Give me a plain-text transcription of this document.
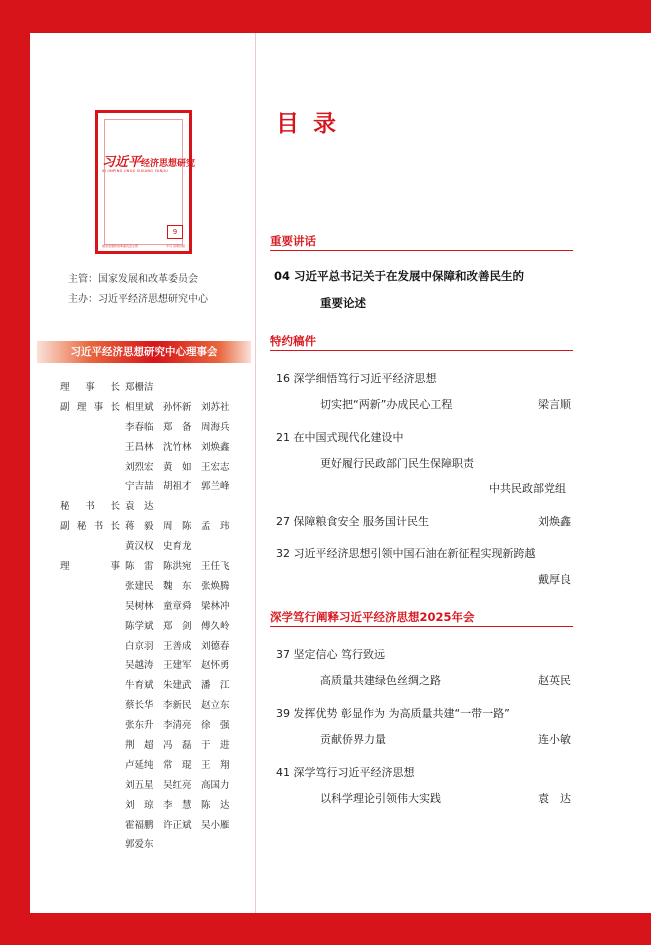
习近平经济思想研究
XI JINPING JINGJI SIXIANG YANJIU
9
国家发展和改革委员会主管	半月 双周出版
主管：国家发展和改革委员会
主办：习近平经济思想研究中心
习近平经济思想研究中心理事会
理 事 长 郑栅洁
副 理 事 长 相里斌 孙怀新 刘苏社
李春临 郑　备 周海兵
王昌林 沈竹林 刘焕鑫
刘烈宏 黄　如 王宏志
宁吉喆 胡祖才 郭兰峰
秘 书 长 袁　达
副 秘 书 长 蒋　毅 周　陈 孟　玮
黄汉权 史育龙
理	事 陈　雷 陈洪宛 王任飞
张建民 魏　东 张焕腾
吴树林 童章舜 梁林冲
陈学斌 郑　剑 傅久岭
白京羽 王善成 刘德春
吴越涛 王建军 赵怀勇
牛育斌 朱建武 潘　江
蔡长华 李新民 赵立东
张东升 李清亮 徐　强
荆　超 冯　磊 于　进
卢延纯 常　琨 王　翔
刘五星 吴红亮 高国力
刘　琼 李　慧 陈　达
霍福鹏 许正斌 吴小雁
郭爱东
目 录
重要讲话
04 习近平总书记关于在发展中保障和改善民生的
重要论述
特约稿件
16 深学细悟笃行习近平经济思想
切实把“两新”办成民心工程	梁言顺
21 在中国式现代化建设中
更好履行民政部门民生保障职责
中共民政部党组
27 保障粮食安全 服务国计民生	刘焕鑫
32 习近平经济思想引领中国石油在新征程实现新跨越
戴厚良
深学笃行阐释习近平经济思想2025年会
37 坚定信心 笃行致远
高质量共建绿色丝绸之路	赵英民
39 发挥优势 彰显作为 为高质量共建“一带一路”
贡献侨界力量	连小敏
41 深学笃行习近平经济思想
以科学理论引领伟大实践	袁　达
